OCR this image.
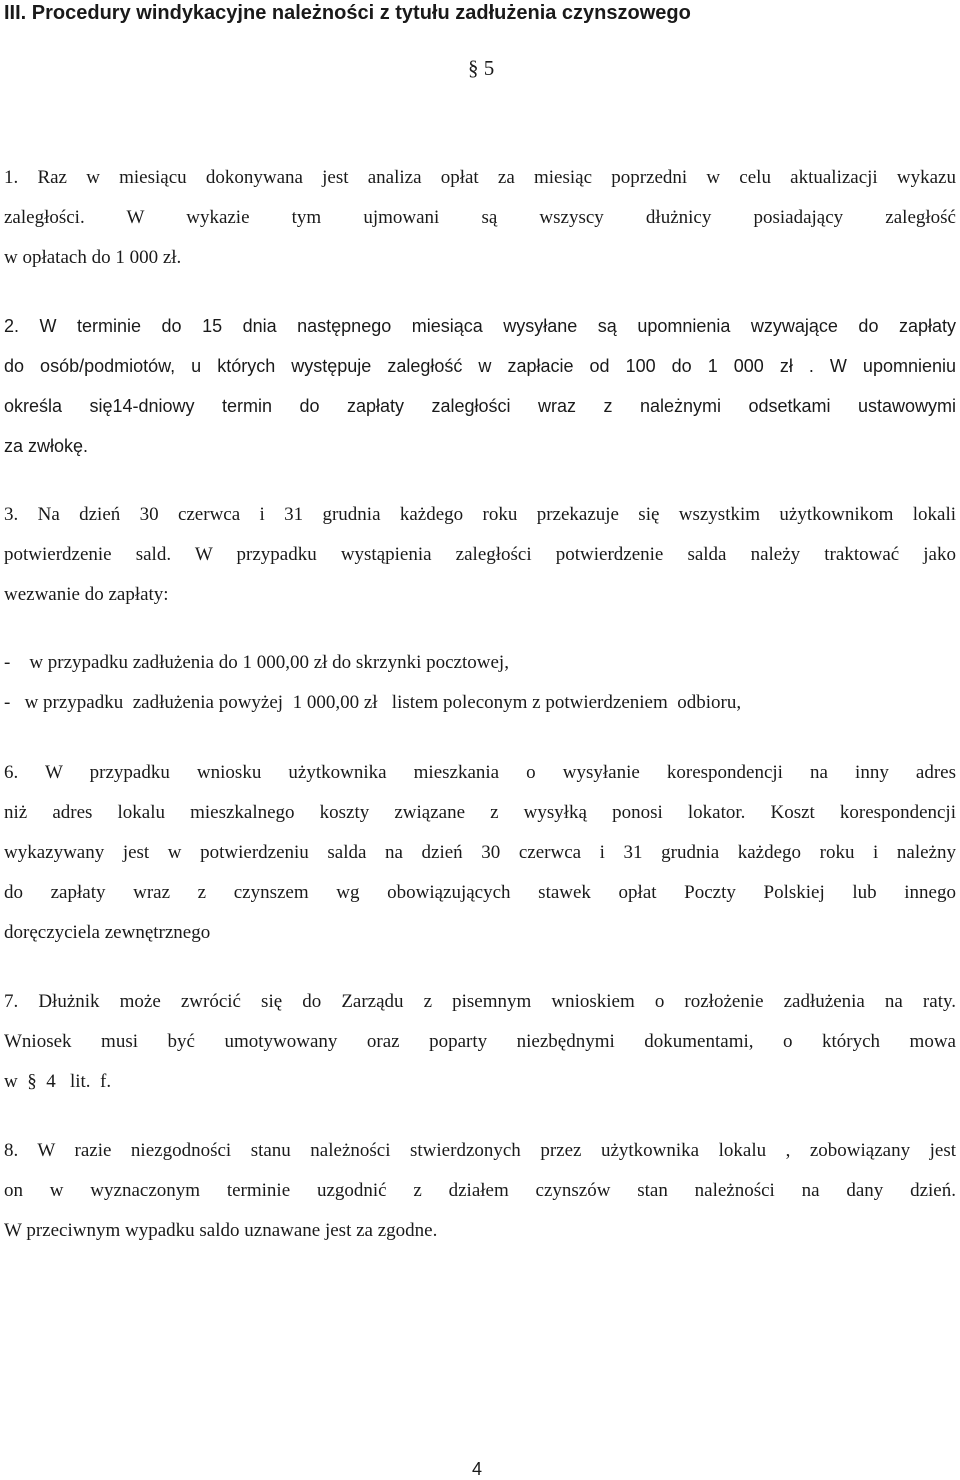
III. Procedury windykacyjne należności z tytułu zadłużenia czynszowego
§ 5
1. Raz w miesiącu dokonywana jest analiza opłat za miesiąc poprzedni w celu aktualizacji wykazu
zaległości. W wykazie tym ujmowani są wszyscy dłużnicy posiadający zaległość
w opłatach do 1 000 zł.
2. W terminie do 15 dnia następnego miesiąca wysyłane są upomnienia wzywające do zapłaty
do osób/podmiotów, u których występuje zaległość w zapłacie od 100 do 1 000 zł . W upomnieniu
określa się14-dniowy termin do zapłaty zaległości wraz z należnymi odsetkami ustawowymi
za zwłokę.
3. Na dzień 30 czerwca i 31 grudnia każdego roku przekazuje się wszystkim użytkownikom lokali
potwierdzenie sald. W przypadku wystąpienia zaległości potwierdzenie salda należy traktować jako
wezwanie do zapłaty:
-    w przypadku zadłużenia do 1 000,00 zł do skrzynki pocztowej,
-   w przypadku  zadłużenia powyżej  1 000,00 zł   listem poleconym z potwierdzeniem  odbioru,
6. W przypadku wniosku użytkownika mieszkania o wysyłanie korespondencji na inny adres
niż adres lokalu mieszkalnego koszty związane z wysyłką ponosi lokator. Koszt korespondencji
wykazywany jest w potwierdzeniu salda na dzień 30 czerwca i 31 grudnia każdego roku i należny
do zapłaty wraz z czynszem wg obowiązujących stawek opłat Poczty Polskiej lub innego
doręczyciela zewnętrznego
7. Dłużnik może zwrócić się do Zarządu z pisemnym wnioskiem o rozłożenie zadłużenia na raty.
Wniosek musi być umotywowany oraz poparty niezbędnymi dokumentami, o których mowa
w  §  4   lit.  f.
8. W razie niezgodności stanu należności stwierdzonych przez użytkownika lokalu , zobowiązany jest
on w wyznaczonym terminie uzgodnić z działem czynszów stan należności na dany dzień.
W przeciwnym wypadku saldo uznawane jest za zgodne.
4
